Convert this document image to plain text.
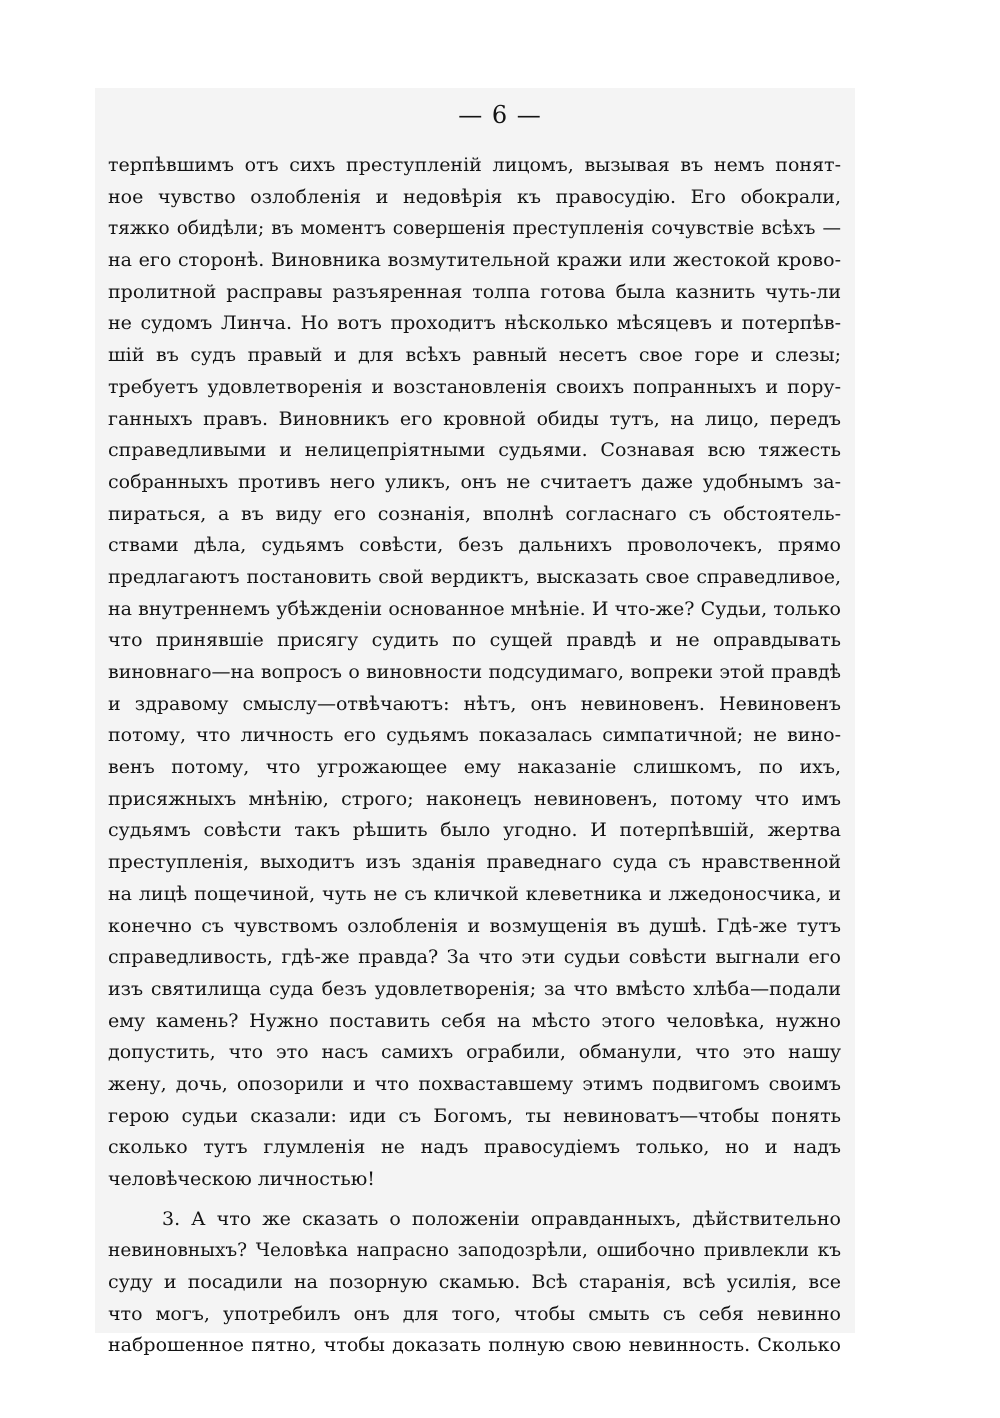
— 6 —
терпѣвшимъ отъ сихъ преступленій лицомъ, вызывая въ немъ понят-
ное чувство озлобленія и недовѣрія къ правосудію. Его обокрали,
тяжко обидѣли; въ моментъ совершенія преступленія сочувствіе всѣхъ —
на его сторонѣ. Виновника возмутительной кражи или жестокой крово-
пролитной расправы разъяренная толпа готова была казнить чуть-ли
не судомъ Линча. Но вотъ проходитъ нѣсколько мѣсяцевъ и потерпѣв-
шій въ судъ правый и для всѣхъ равный несетъ свое горе и слезы;
требуетъ удовлетворенія и возстановленія своихъ попранныхъ и пору-
ганныхъ правъ. Виновникъ его кровной обиды тутъ, на лицо, передъ
справедливыми и нелицепріятными судьями. Сознавая всю тяжесть
собранныхъ противъ него уликъ, онъ не считаетъ даже удобнымъ за-
пираться, а въ виду его сознанія, вполнѣ согласнаго съ обстоятель-
ствами дѣла, судьямъ совѣсти, безъ дальнихъ проволочекъ, прямо
предлагаютъ постановить свой вердиктъ, высказать свое справедливое,
на внутреннемъ убѣжденіи основанное мнѣніе. И что-же? Судьи, только
что принявшіе присягу судить по сущей правдѣ и не оправдывать
виновнаго—на вопросъ о виновности подсудимаго, вопреки этой правдѣ
и здравому смыслу—отвѣчаютъ: нѣтъ, онъ невиновенъ. Невиновенъ
потому, что личность его судьямъ показалась симпатичной; не вино-
венъ потому, что угрожающее ему наказаніе слишкомъ, по ихъ,
присяжныхъ мнѣнію, строго; наконецъ невиновенъ, потому что имъ
судьямъ совѣсти такъ рѣшить было угодно. И потерпѣвшій, жертва
преступленія, выходитъ изъ зданія праведнаго суда съ нравственной
на лицѣ пощечиной, чуть не съ кличкой клеветника и лжедоносчика, и
конечно съ чувствомъ озлобленія и возмущенія въ душѣ. Гдѣ-же тутъ
справедливость, гдѣ-же правда? За что эти судьи совѣсти выгнали его
изъ святилища суда безъ удовлетворенія; за что вмѣсто хлѣба—подали
ему камень? Нужно поставить себя на мѣсто этого человѣка, нужно
допустить, что это насъ самихъ ограбили, обманули, что это нашу
жену, дочь, опозорили и что похваставшему этимъ подвигомъ своимъ
герою судьи сказали: иди съ Богомъ, ты невиноватъ—чтобы понять
сколько тутъ глумленія не надъ правосудіемъ только, но и надъ
человѣческою личностью!
3. А что же сказать о положеніи оправданныхъ, дѣйствительно
невиновныхъ? Человѣка напрасно заподозрѣли, ошибочно привлекли къ
суду и посадили на позорную скамью. Всѣ старанія, всѣ усилія, все
что могъ, употребилъ онъ для того, чтобы смыть съ себя невинно
наброшенное пятно, чтобы доказать полную свою невинность. Сколько
